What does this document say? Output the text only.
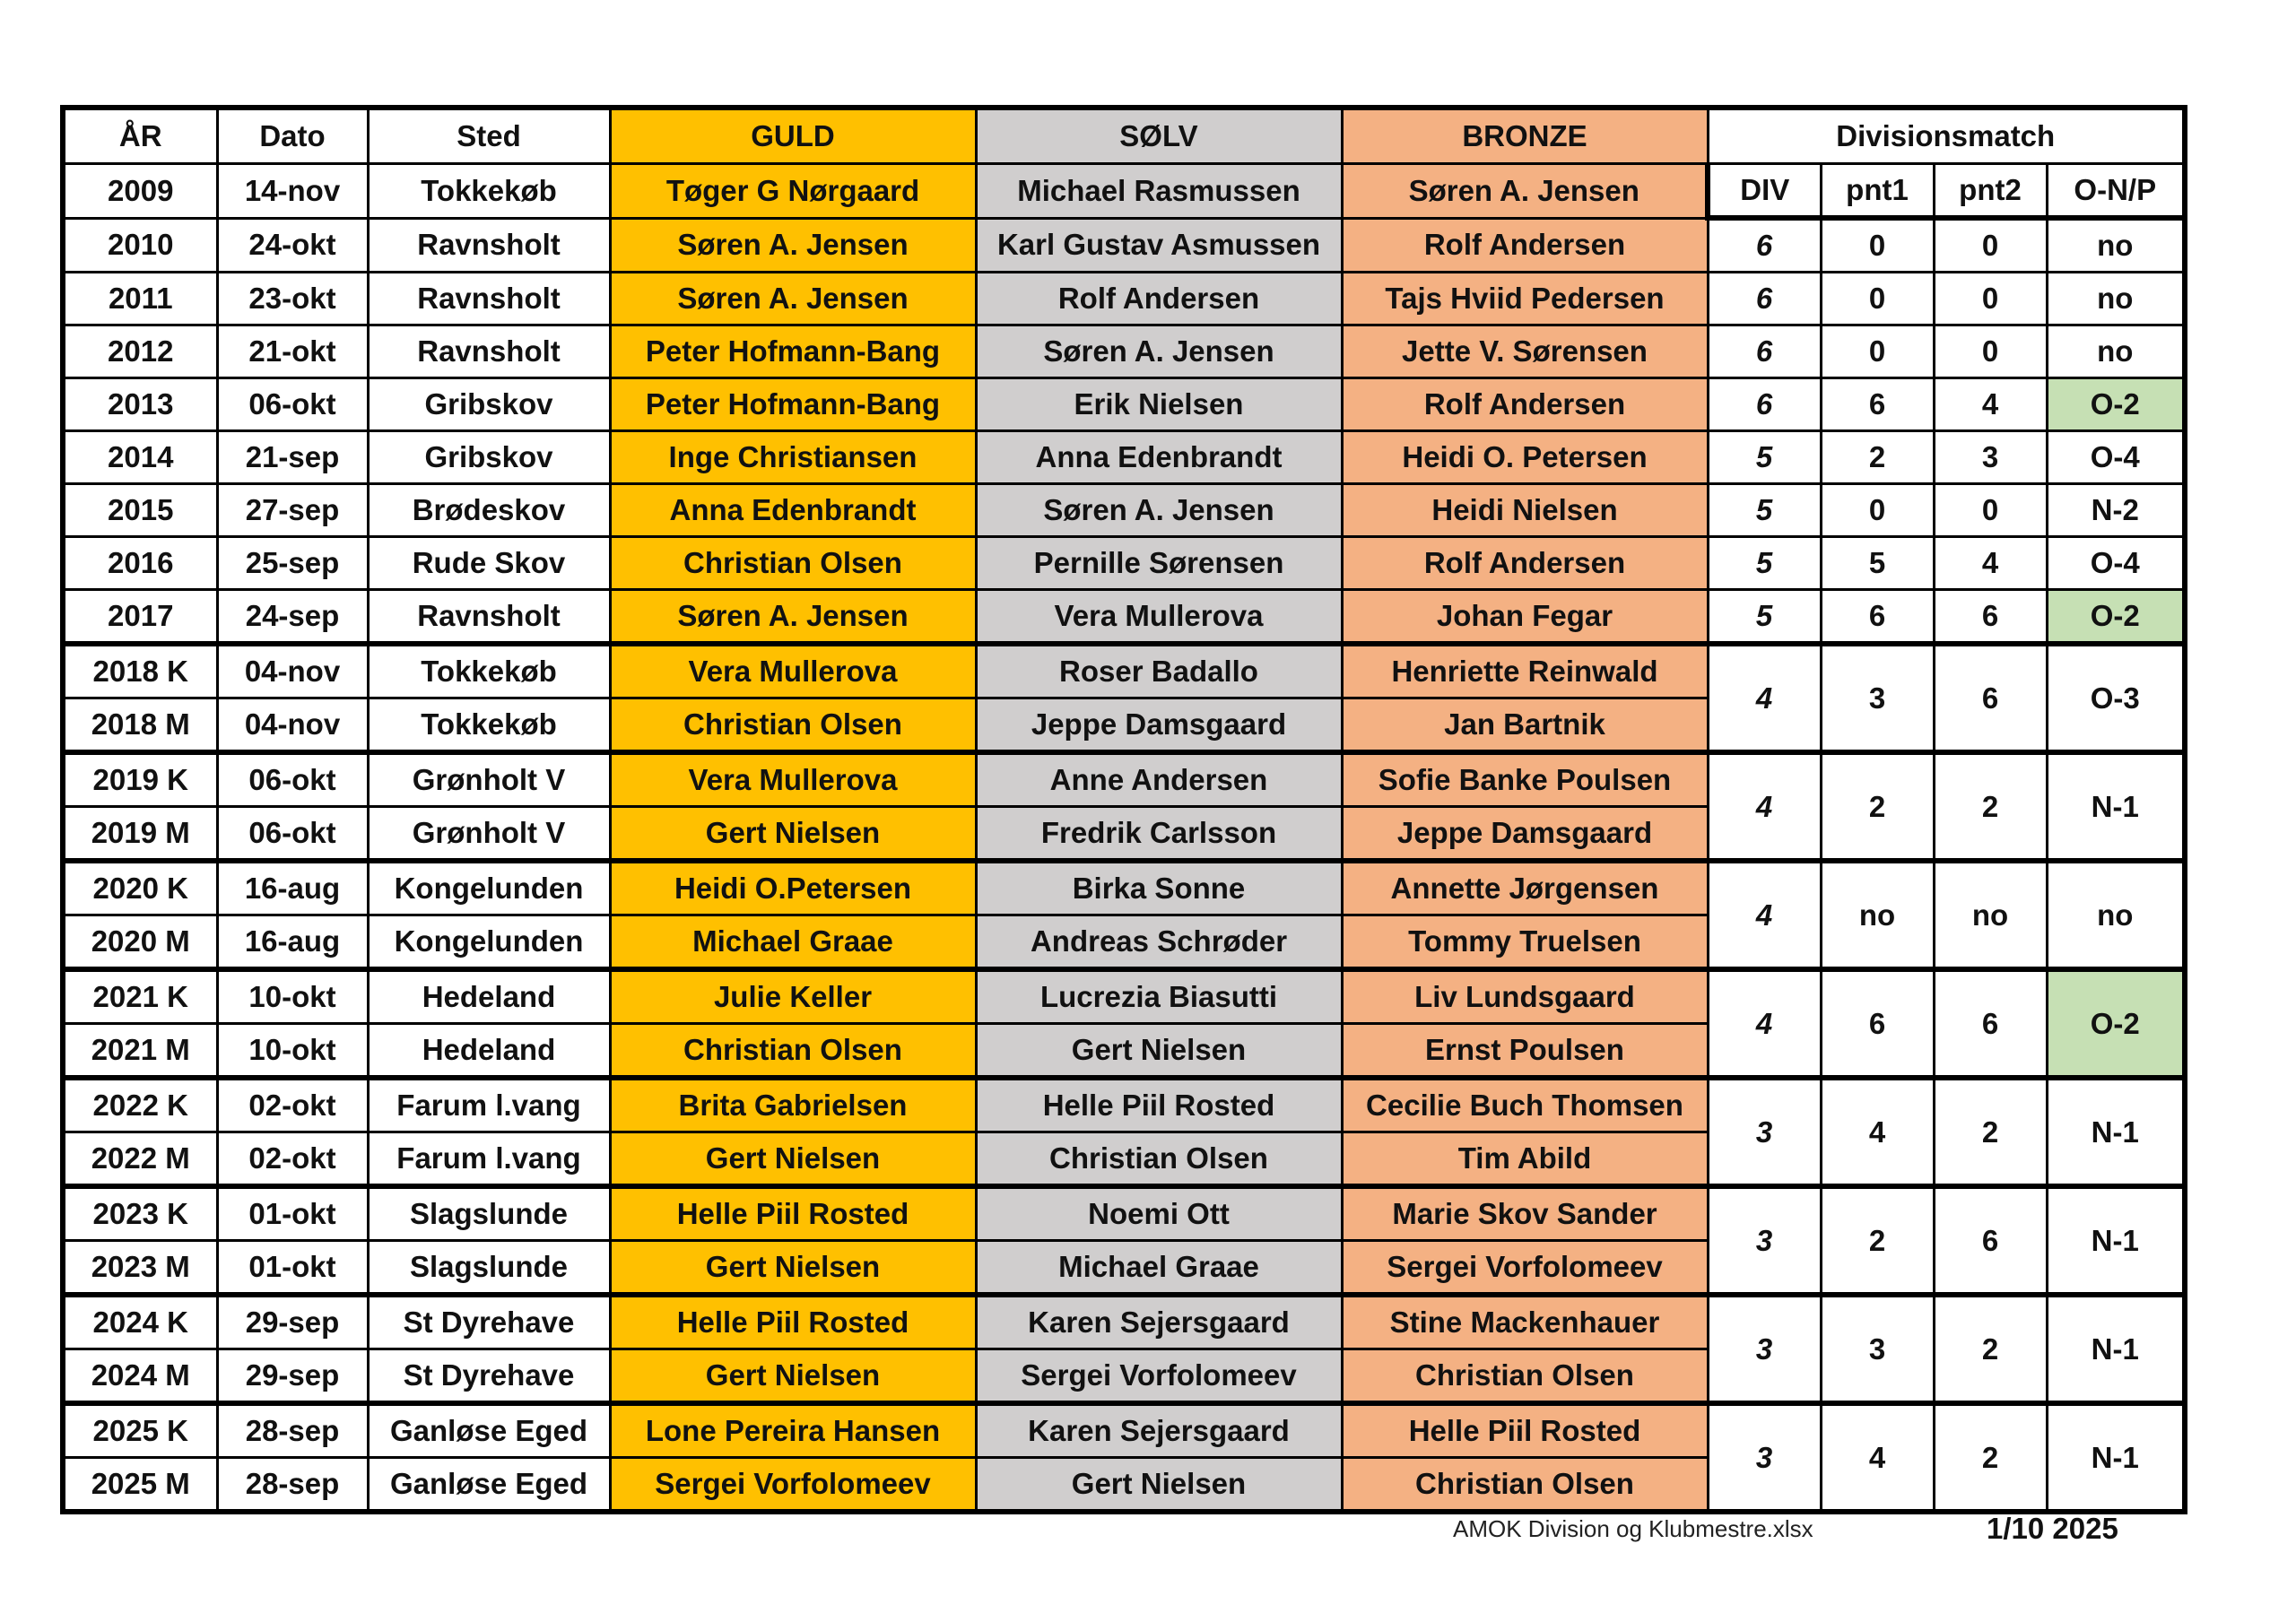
ÅR	Dato	Sted	GULD	SØLV	BRONZE	Divisionsmatch			
2009	14-nov	Tokkekøb	Tøger G Nørgaard	Michael Rasmussen	Søren A. Jensen	DIV	pnt1	pnt2	O-N/P
2010	24-okt	Ravnsholt	Søren A. Jensen	Karl Gustav Asmussen	Rolf Andersen	6	0	0	no
2011	23-okt	Ravnsholt	Søren A. Jensen	Rolf Andersen	Tajs Hviid Pedersen	6	0	0	no
2012	21-okt	Ravnsholt	Peter Hofmann-Bang	Søren A. Jensen	Jette V. Sørensen	6	0	0	no
2013	06-okt	Gribskov	Peter Hofmann-Bang	Erik Nielsen	Rolf Andersen	6	6	4	O-2
2014	21-sep	Gribskov	Inge Christiansen	Anna Edenbrandt	Heidi O. Petersen	5	2	3	O-4
2015	27-sep	Brødeskov	Anna Edenbrandt	Søren A. Jensen	Heidi Nielsen	5	0	0	N-2
2016	25-sep	Rude Skov	Christian Olsen	Pernille Sørensen	Rolf Andersen	5	5	4	O-4
2017	24-sep	Ravnsholt	Søren A. Jensen	Vera Mullerova	Johan Fegar	5	6	6	O-2
2018 K	04-nov	Tokkekøb	Vera Mullerova	Roser Badallo	Henriette Reinwald	4	3	6	O-3
2018 M	04-nov	Tokkekøb	Christian Olsen	Jeppe Damsgaard	Jan Bartnik				
2019 K	06-okt	Grønholt V	Vera Mullerova	Anne Andersen	Sofie Banke Poulsen	4	2	2	N-1
2019 M	06-okt	Grønholt V	Gert Nielsen	Fredrik Carlsson	Jeppe Damsgaard				
2020 K	16-aug	Kongelunden	Heidi O.Petersen	Birka Sonne	Annette Jørgensen	4	no	no	no
2020 M	16-aug	Kongelunden	Michael Graae	Andreas Schrøder	Tommy Truelsen				
2021 K	10-okt	Hedeland	Julie Keller	Lucrezia Biasutti	Liv Lundsgaard	4	6	6	O-2
2021 M	10-okt	Hedeland	Christian Olsen	Gert Nielsen	Ernst Poulsen				
2022 K	02-okt	Farum l.vang	Brita Gabrielsen	Helle Piil Rosted	Cecilie Buch Thomsen	3	4	2	N-1
2022 M	02-okt	Farum l.vang	Gert Nielsen	Christian Olsen	Tim Abild				
2023 K	01-okt	Slagslunde	Helle Piil Rosted	Noemi Ott	Marie Skov Sander	3	2	6	N-1
2023 M	01-okt	Slagslunde	Gert Nielsen	Michael Graae	Sergei Vorfolomeev				
2024 K	29-sep	St Dyrehave	Helle Piil Rosted	Karen Sejersgaard	Stine Mackenhauer	3	3	2	N-1
2024 M	29-sep	St Dyrehave	Gert Nielsen	Sergei Vorfolomeev	Christian Olsen				
2025 K	28-sep	Ganløse Eged	Lone Pereira Hansen	Karen Sejersgaard	Helle Piil Rosted	3	4	2	N-1
2025 M	28-sep	Ganløse Eged	Sergei Vorfolomeev	Gert Nielsen	Christian Olsen				
AMOK Division og Klubmestre.xlsx	1/10 2025
